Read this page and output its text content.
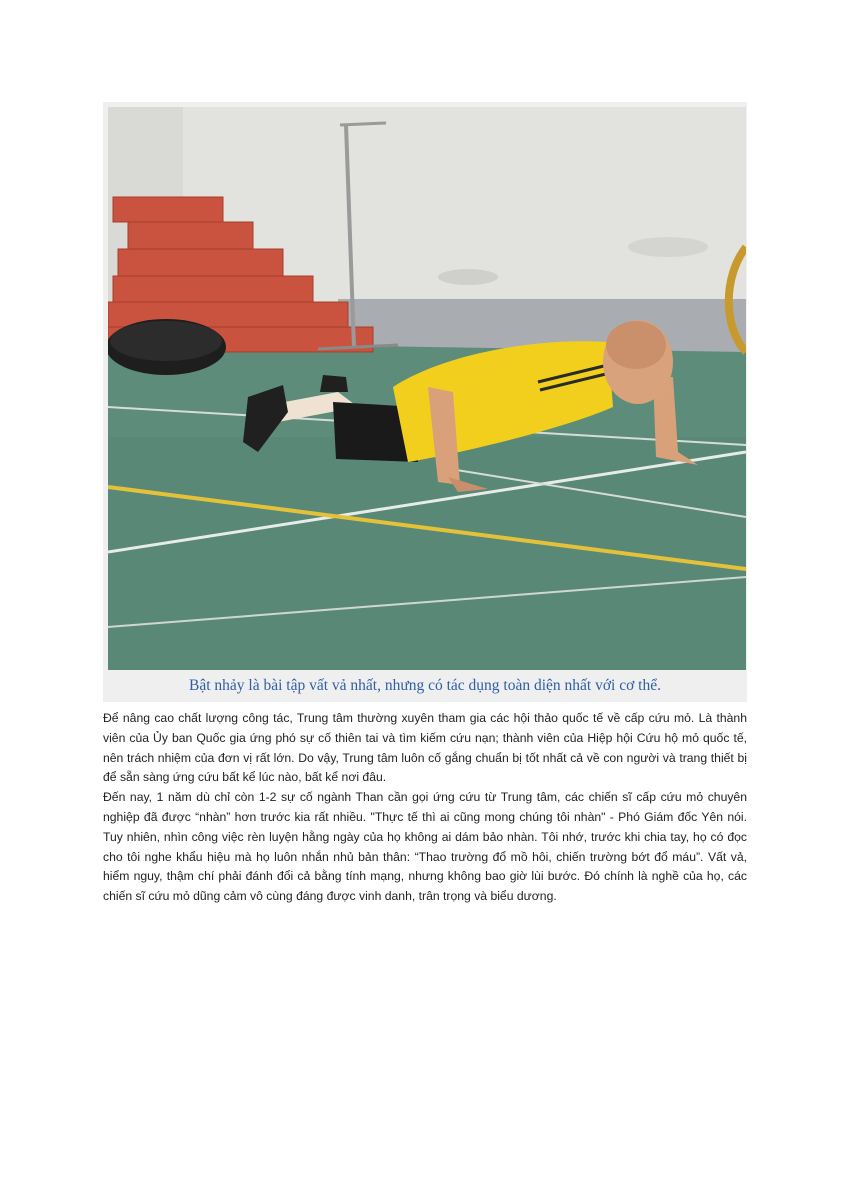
Bật nhảy là bài tập vất vả nhất, nhưng có tác dụng toàn diện nhất với cơ thể.

Để nâng cao chất lượng công tác, Trung tâm thường xuyên tham gia các hội thảo quốc tế về cấp cứu mỏ. Là thành viên của Ủy ban Quốc gia ứng phó sự cố thiên tai và tìm kiếm cứu nạn; thành viên của Hiệp hội Cứu hộ mỏ quốc tế, nên trách nhiệm của đơn vị rất lớn. Do vậy, Trung tâm luôn cố gắng chuẩn bị tốt nhất cả về con người và trang thiết bị để sẵn sàng ứng cứu bất kể lúc nào, bất kể nơi đâu.

Đến nay, 1 năm dù chỉ còn 1-2 sự cố ngành Than cần gọi ứng cứu từ Trung tâm, các chiến sĩ cấp cứu mỏ chuyên nghiệp đã được “nhàn” hơn trước kia rất nhiều. "Thực tế thì ai cũng mong chúng tôi nhàn" - Phó Giám đốc Yên nói. Tuy nhiên, nhìn công việc rèn luyện hằng ngày của họ không ai dám bảo nhàn. Tôi nhớ, trước khi chia tay, họ có đọc cho tôi nghe khẩu hiệu mà họ luôn nhắn nhủ bản thân: “Thao trường đổ mồ hôi, chiến trường bớt đổ máu”. Vất vả, hiểm nguy, thậm chí phải đánh đổi cả bằng tính mạng, nhưng không bao giờ lùi bước. Đó chính là nghề của họ, các chiến sĩ cứu mỏ dũng cảm vô cùng đáng được vinh danh, trân trọng và biểu dương.
